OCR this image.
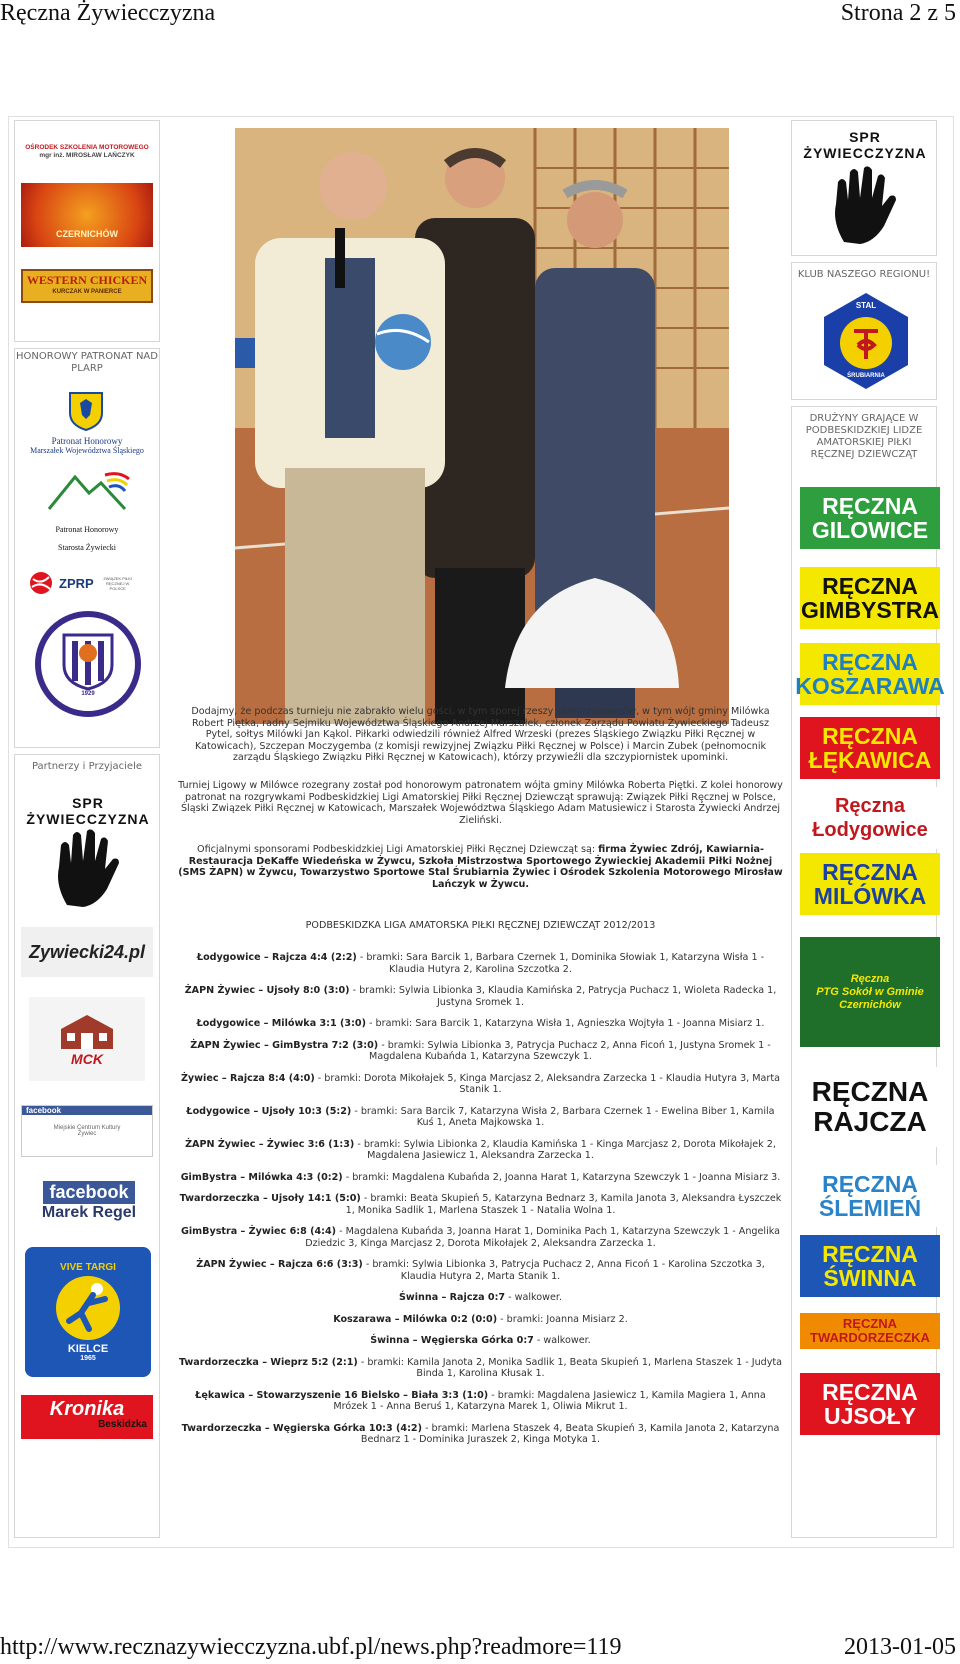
Ręczna Żywiecczyzna	Strona 2 z 5
OŚRODEK SZKOLENIA MOTOROWEGO
mgr inż. MIROSŁAW LAŃCZYK
CZERNICHÓW
WESTERN CHICKEN
KURCZAK W PANIERCE
HONOROWY PATRONAT NAD PLARP
Patronat Honorowy
Marszałek Województwa Śląskiego
Patronat Honorowy
Starosta Żywiecki
ZPRP	ZWIĄZEK PIŁKI RĘCZNEJ W POLSCE
1929
Partnerzy i Przyjaciele
SPR ŻYWIECCZYZNA
Zywiecki24.pl
MCK
facebook
Miejskie Centrum Kultury
Żywiec
facebook
Marek Regel
VIVE TARGI
KIELCE
1965
Kronika
Beskidzka
Dodajmy, że podczas turnieju nie zabrakło wielu gości, w tym sporej rzeszy samorządowców, w tym wójt gminy Milówka Robert Piętka, radny Sejmiku Województwa Śląskiego Andrzej Marszałek, członek Zarządu Powiatu Żywieckiego Tadeusz Pytel, sołtys Milówki Jan Kąkol. Piłkarki odwiedzili również Alfred Wrzeski (prezes Śląskiego Związku Piłki Ręcznej w Katowicach), Szczepan Moczygemba (z komisji rewizyjnej Związku Piłki Ręcznej w Polsce) i Marcin Zubek (pełnomocnik zarządu Śląskiego Związku Piłki Ręcznej w Katowicach), którzy przywieźli dla szczypiornistek upominki.
Turniej Ligowy w Milówce rozegrany został pod honorowym patronatem wójta gminy Milówka Roberta Piętki. Z kolei honorowy patronat na rozgrywkami Podbeskidzkiej Ligi Amatorskiej Piłki Ręcznej Dziewcząt sprawują: Związek Piłki Ręcznej w Polsce, Śląski Związek Piłki Ręcznej w Katowicach, Marszałek Województwa Śląskiego Adam Matusiewicz i Starosta Żywiecki Andrzej Zieliński.
Oficjalnymi sponsorami Podbeskidzkiej Ligi Amatorskiej Piłki Ręcznej Dziewcząt są: firma Żywiec Zdrój, Kawiarnia-Restauracja DeKaffe Wiedeńska w Żywcu, Szkoła Mistrzostwa Sportowego Żywieckiej Akademii Piłki Nożnej (SMS ŻAPN) w Żywcu, Towarzystwo Sportowe Stal Śrubiarnia Żywiec i Ośrodek Szkolenia Motorowego Mirosław Lańczyk w Żywcu.
PODBESKIDZKA LIGA AMATORSKA PIŁKI RĘCZNEJ DZIEWCZĄT 2012/2013
Łodygowice – Rajcza 4:4 (2:2) - bramki: Sara Barcik 1, Barbara Czernek 1, Dominika Słowiak 1, Katarzyna Wisła 1 - Klaudia Hutyra 2, Karolina Szczotka 2.
ŻAPN Żywiec – Ujsoły 8:0 (3:0) - bramki: Sylwia Libionka 3, Klaudia Kamińska 2, Patrycja Puchacz 1, Wioleta Radecka 1, Justyna Sromek 1.
Łodygowice – Milówka 3:1 (3:0) - bramki: Sara Barcik 1, Katarzyna Wisła 1, Agnieszka Wojtyła 1 - Joanna Misiarz 1.
ŻAPN Żywiec – GimBystra 7:2 (3:0) - bramki: Sylwia Libionka 3, Patrycja Puchacz 2, Anna Ficoń 1, Justyna Sromek 1 - Magdalena Kubańda 1, Katarzyna Szewczyk 1.
Żywiec – Rajcza 8:4 (4:0) - bramki: Dorota Mikołajek 5, Kinga Marcjasz 2, Aleksandra Zarzecka 1 - Klaudia Hutyra 3, Marta Stanik 1.
Łodygowice – Ujsoły 10:3 (5:2) - bramki: Sara Barcik 7, Katarzyna Wisła 2, Barbara Czernek 1 - Ewelina Biber 1, Kamila Kuś 1, Aneta Majkowska 1.
ŻAPN Żywiec – Żywiec 3:6 (1:3) - bramki: Sylwia Libionka 2, Klaudia Kamińska 1 - Kinga Marcjasz 2, Dorota Mikołajek 2, Magdalena Jasiewicz 1, Aleksandra Zarzecka 1.
GimBystra – Milówka 4:3 (0:2) - bramki: Magdalena Kubańda 2, Joanna Harat 1, Katarzyna Szewczyk 1 - Joanna Misiarz 3.
Twardorzeczka – Ujsoły 14:1 (5:0) - bramki: Beata Skupień 5, Katarzyna Bednarz 3, Kamila Janota 3, Aleksandra Łyszczek 1, Monika Sadlik 1, Marlena Staszek 1 - Natalia Wolna 1.
GimBystra – Żywiec 6:8 (4:4) - Magdalena Kubańda 3, Joanna Harat 1, Dominika Pach 1, Katarzyna Szewczyk 1 - Angelika Dziedzic 3, Kinga Marcjasz 2, Dorota Mikołajek 2, Aleksandra Zarzecka 1.
ŻAPN Żywiec – Rajcza 6:6 (3:3) - bramki: Sylwia Libionka 3, Patrycja Puchacz 2, Anna Ficoń 1 - Karolina Szczotka 3, Klaudia Hutyra 2, Marta Stanik 1.
Świnna – Rajcza 0:7 - walkower.
Koszarawa – Milówka 0:2 (0:0) - bramki: Joanna Misiarz 2.
Świnna – Węgierska Górka 0:7 - walkower.
Twardorzeczka – Wieprz 5:2 (2:1) - bramki: Kamila Janota 2, Monika Sadlik 1, Beata Skupień 1, Marlena Staszek 1 - Judyta Binda 1, Karolina Kłusak 1.
Łękawica – Stowarzyszenie 16 Bielsko – Biała 3:3 (1:0) - bramki: Magdalena Jasiewicz 1, Kamila Magiera 1, Anna Mrózek 1 - Anna Beruś 1, Katarzyna Marek 1, Oliwia Mikrut 1.
Twardorzeczka – Węgierska Górka 10:3 (4:2) - bramki: Marlena Staszek 4, Beata Skupień 3, Kamila Janota 2, Katarzyna Bednarz 1 - Dominika Juraszek 2, Kinga Motyka 1.
SPR ŻYWIECCZYZNA
KLUB NASZEGO REGIONU!
STAL
ŚRUBIARNIA
DRUŻYNY GRAJĄCE W PODBESKIDZKIEJ LIDZE AMATORSKIEJ PIŁKI RĘCZNEJ DZIEWCZĄT
RĘCZNA
GILOWICE
RĘCZNA
GIMBYSTRA
RĘCZNA
KOSZARAWA
RĘCZNA
ŁĘKAWICA
Ręczna
Łodygowice
RĘCZNA
MILÓWKA
Ręczna
PTG Sokół w Gminie Czernichów
RĘCZNA
RAJCZA
RĘCZNA
ŚLEMIEŃ
RĘCZNA
ŚWINNA
RĘCZNA
TWARDORZECZKA
RĘCZNA
UJSOŁY
http://www.recznazywiecczyzna.ubf.pl/news.php?readmore=119	2013-01-05
